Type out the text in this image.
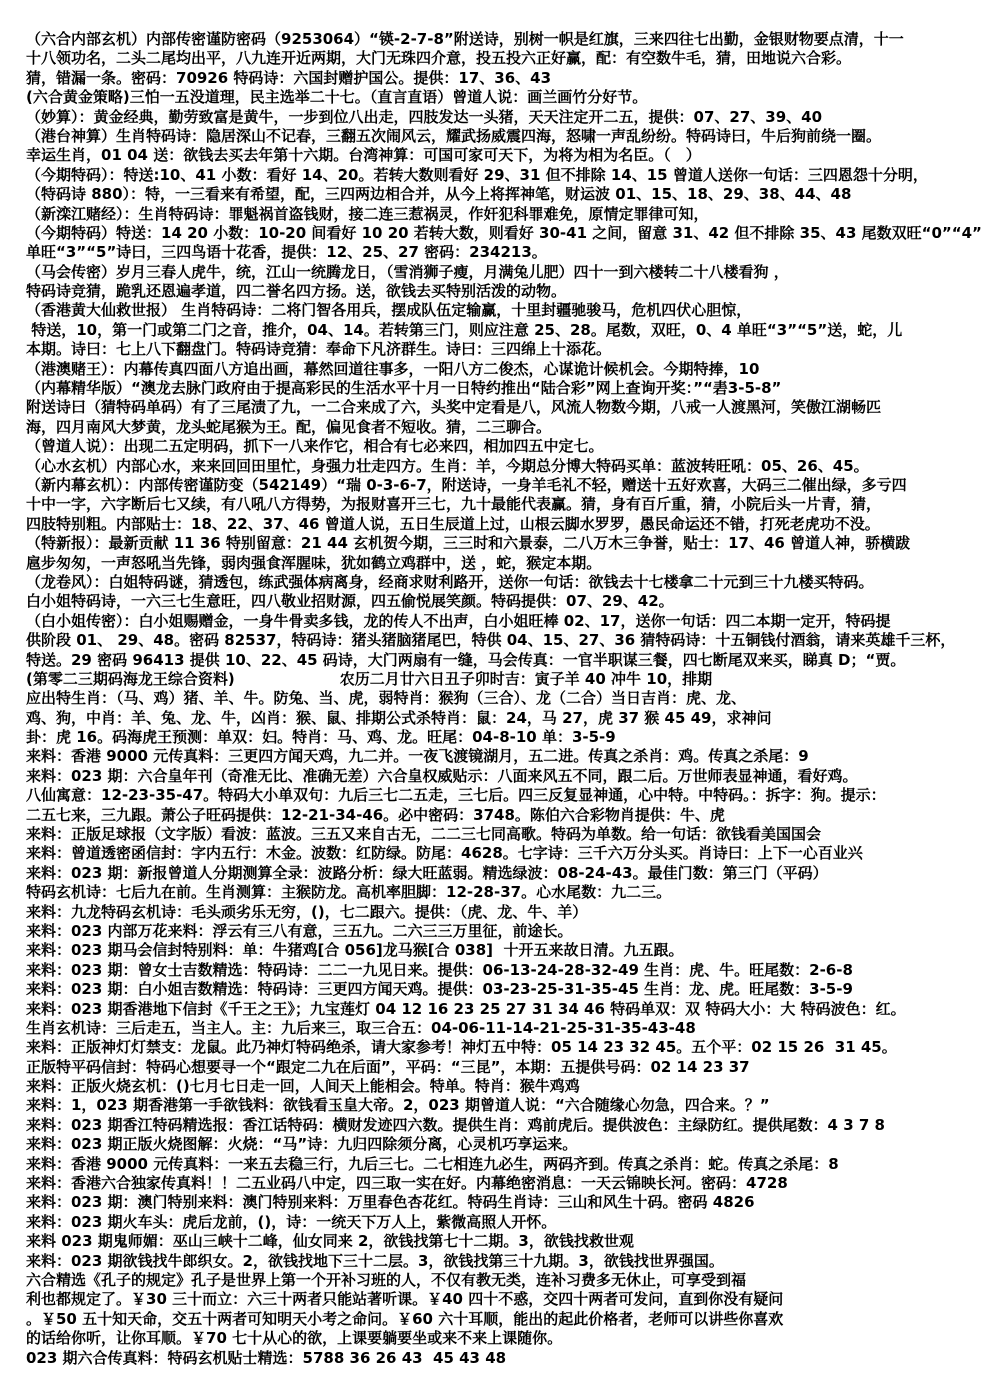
（六合内部玄机）内部传密谨防密码（9253064）“锳-2-7-8”附送诗，别树一帜是红旗，三来四往七出勤，金银财物要点清，十一
十八领功名，二头二尾均出平，八九连开近两期，大门无珠四介意，投五投六正好赢，配：有空数牛毛，猜，田地说六合彩。
猜，错漏一条。密码：70926 特码诗：六国封赠护国公。提供：17、36、43
(六合黄金策略)三怕一五没道理，民主选举二十七。（直言直语）曾道人说：画兰画竹分好节。
（妙算）：黄金经典，勤劳致富是黄牛，一步到位八出走，四肢发达一头猪，天天注定开二五，提供：07、27、39、40
（港台神算）生肖特码诗：隐居深山不记春，三翻五次闹风云，耀武扬威震四海，怒啸一声乱纷纷。特码诗曰，牛后狗前绕一圈。
幸运生肖，01 04 送：欲钱去买去年第十六期。台湾神算：可国可家可天下，为将为相为名臣。（　）
（今期特码）：特送:10、41 小数：看好 14、20。若转大数则看好 29、31 但不排除 14、15 曾道人送你一句话：三四恩怨十分明，
（特码诗 880）：特，一三看来有希望，配，三四两边相合并，从今上将挥神笔，财运波 01、15、18、29、38、44、48
（新滦江赌经）：生肖特码诗：罪魁祸首盗钱财，接二连三惹祸灵，作奸犯科罪难免，原情定罪律可知，
（今期特码）特送：14 20 小数：10-20 间看好 10 20 若转大数，则看好 30-41 之间，留意 31、42 但不排除 35、43 尾数双旺“0”“4”
单旺“3”“5”诗曰，三四鸟语十花香，提供：12、25、27 密码：234213。
（马会传密）岁月三春人虎牛，统，江山一统腾龙日，（雪消狮子瘦，月满兔儿肥）四十一到六楼转二十八楼看狗 ，
特码诗竞猜，跪乳还恩遍孝道，四二誉名四方扬。送，欲钱去买特别活泼的动物。
（香港黄大仙救世报） 生肖特码诗：二将门智各用兵，摆成队伍定输赢，十里封疆驰骏马，危机四伏心胆惊，
特送，10，第一门或第二门之音，推介，04、14。若转第三门，则应注意 25、28。尾数，双旺，0、4 单旺“3”“5”送，蛇，儿
本期。诗曰：七上八下翻盘门。特码诗竞猜：奉命下凡济群生。诗曰：三四绵上十添花。
（港澳赌王）：内幕传真四面八方追出画，幕然回道往事多，一阳八方二俊杰，心谋诡计候机会。今期特捧，10
（内幕精华版）“澳龙去脉门政府由于提高彩民的生活水平十月一日特约推出“陆合彩”网上查询开奖：”“砉3-5-8”
附送诗曰（猜特码单码）有了三尾渍了九，一二合来成了六，头奖中定看是八，风流人物数今期，八戒一人渡黑河，笑傲江湖畅匹
海，四月南风大梦黄，龙头蛇尾猴为王。配，偏见食者不短收。猜，二三聊合。
（曾道人说）：出现二五定明码，抓下一八来作它，相合有七必来四，相加四五中定七。
（心水玄机）内部心水，来来回回田里忙，身强力壮走四方。生肖：羊，今期总分博大特码买单：蓝波转旺吼：05、26、45。
（新内幕玄机）：内部传密谨防变（542149）“瑞 0-3-6-7，附送诗，一身羊毛礼不轻，赠送十五好欢喜，大码三二催出绿，多亏四
十中一字，六字断后七又续，有八吼八方得势，为报财喜开三七，九十最能代表赢。猜，身有百斤重，猜，小院后头一片青，猜，
四肢特别粗。内部贴士：18、22、37、46 曾道人说，五日生辰道上过，山根云脚水罗罗，愚民命运还不错，打死老虎功不没。
（特新报）：最新贡献 11 36 特别留意：21 44 玄机贺今期，三三时和六景泰，二八万木三争誉，贴士：17、46 曾道人神，骄横跋
扈步匆匆，一声怒吼当先锋，弱肉强食浑腥味，犹如鹤立鸡群中，送 ，蛇，猴定本期。
（龙卷风）：白姐特码谜，猜透包，练武强体病离身，经商求财利路开，送你一句话：欲钱去十七楼拿二十元到三十九楼买特码。
白小姐特码诗，一六三七生意旺，四八敬业招财源，四五偷悦展笑颜。特码提供：07、29、42。
（白小姐传密）：白小姐赐赠金，一身牛骨卖多钱，龙的传人不出声，白小姐旺棒 02、17，送你一句话：四二本期一定开，特码提
供阶段 01、 29、48。密码 82537，特码诗：猪头猪脑猪尾巴，特供 04、15、27、36 猜特码诗：十五铜钱付酒翁，请来英雄千三杯，
特送。29 密码 96413 提供 10、22、45 码诗，大门两扇有一缝，马会传真：一官半职谋三餐，四七断尾双来买，睇真 D；“贾。
(第零二三期码海龙王综合资料)　　　　　　　农历二月廿六日丑子卯时吉：寅子羊 40 冲牛 10，排期
应出特生肖：（马、鸡）猪、羊、牛。防兔、当、虎，弱特肖：猴狗（三合）、龙（二合）当日吉肖：虎、龙、
鸡、狗，中肖：羊、兔、龙、牛，凶肖：猴、鼠、排期公式杀特肖：鼠：24，马 27，虎 37 猴 45 49，求神问
卦：虎 16。码海虎王预测：单双：妇。特肖：马、鸡、龙。旺尾：04-8-10 单：3-5-9
来料：香港 9000 元传真料：三更四方闻天鸡，九二并。一夜飞渡镜湖月，五二进。传真之杀肖：鸡。传真之杀尾：9
来料：023 期：六合皇年刊（奇准无比、准确无差）六合皇权威贴示：八面来风五不同，跟二后。万世师表显神通，看好鸡。
八仙寓意：12-23-35-47。特码大小单双句：九后三七二五走，三七后。四三反复显神通，心中特。中特码。：拆字：狗。提示：
二五七来，三九跟。萧公子旺码提供：12-21-34-46。必中密码：3748。陈伯六合彩物肖提供：牛、虎
来料：正版足球报（文字版）看波：蓝波。三五又来自古无，二二三七同高歌。特码为单数。给一句话：欲钱看美国国会
来料：曾道透密函信封：字内五行：木金。波数：红防绿。防尾：4628。七字诗：三千六万分头买。肖诗曰：上下一心百业兴
来料：023 期：新报曾道人分期测算全录：波路分析：绿大旺蓝弱。精选绿波：08-24-43。最佳门数：第三门（平码）
特码玄机诗：七后九在前。生肖测算：主猴防龙。高机率胆脚：12-28-37。心水尾数：九二三。
来料：九龙特码玄机诗：毛头顽劣乐无穷，()，七二跟六。提供：（虎、龙、牛、羊）
来料：023 内部万花来料：浮云有三八有意，三五九。二六三三万里征，前途长。
来料：023 期马会信封特别料：单：牛猪鸡[合 056]龙马猴[合 038]  十开五来故日清。九五跟。
来料：023 期：曾女士吉数精选：特码诗：二二一九见日来。提供：06-13-24-28-32-49 生肖：虎、牛。旺尾数：2-6-8
来料：023 期：白小姐吉数精选：特码诗：三更四方闻天鸡。提供：03-23-25-31-35-45 生肖：龙、虎。旺尾数：3-5-9
来料：023 期香港地下信封《千王之王》；九宝莲灯 04 12 16 23 25 27 31 34 46 特码单双：双 特码大小：大 特码波色：红。
生肖玄机诗：三后走五，当主人。主：九后来三，取三合五：04-06-11-14-21-25-31-35-43-48
来料：正版神灯灯禁支：龙鼠。此乃神灯特码绝杀，请大家参考！神灯五中特：05 14 23 32 45。五个平：02 15 26  31 45。
正版特平码信封：特码心想要寻一个“跟定二九在后面”，平码：“三昆”，本期：五提供号码：02 14 23 37
来料：正版火烧玄机：()七月七日走一回，人间天上能相会。特单。特肖：猴牛鸡鸡
来料：1，023 期香港第一手欲钱料：欲钱看玉皇大帝。2，023 期曾道人说：“六合随缘心勿急，四合来。？”
来料：023 期香江特码精选报：香江话特码：横财发迹四六数。提供生肖：鸡前虎后。提供波色：主绿防红。提供尾数：4 3 7 8
来料：023 期正版火烧图解：火烧：“马”诗：九归四除须分离，心灵机巧享运来。
来料：香港 9000 元传真料：一来五去稳三行，九后三七。二七相连九必生，两码齐到。传真之杀肖：蛇。传真之杀尾：8
来料：香港六合独家传真料！！二五业码八中定，四三取一实在好。内幕绝密消息：一天云锦映长河。密码：4728
来料：023 期：澳门特别来料：澳门特别来料：万里春色杏花红。特码生肖诗：三山和风生十码。密码 4826
来料：023 期火车头：虎后龙前，()，诗：一统天下万人上，紫微高照人开怀。
来料 023 期鬼师媚：巫山三峡十二峰，仙女同来 2，欲钱找第七十二期。3，欲钱找救世观
来料：023 期欲钱找牛郎织女。2，欲钱找地下三十二层。3，欲钱找第三十九期。3，欲钱找世界强国。
六合精选《孔子的规定》孔子是世界上第一个开补习班的人，不仅有教无类，连补习费多无休止，可享受到福
利也都规定了。￥30 三十而立：六三十两者只能站著听课。￥40 四十不惑，交四十两者可发问，直到你没有疑问
。￥50 五十知天命，交五十两者可知明天小考之命问。￥60 六十耳顺，能出的起此价格者，老师可以讲些你喜欢
的话给你听，让你耳顺。￥70 七十从心的欲，上课要躺要坐或来不来上课随你。
023 期六合传真料：特码玄机贴士精选：5788 36 26 43  45 43 48
